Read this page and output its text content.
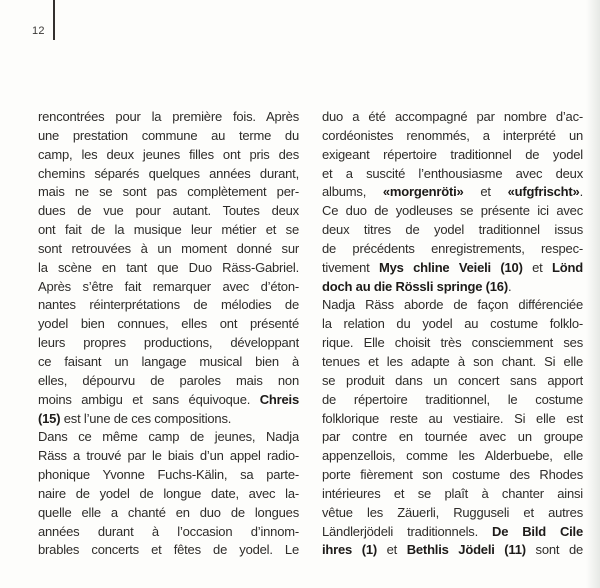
12
rencontrées pour la première fois. Après
une prestation commune au terme du
camp, les deux jeunes filles ont pris des
chemins séparés quelques années durant,
mais ne se sont pas complètement per-
dues de vue pour autant. Toutes deux
ont fait de la musique leur métier et se
sont retrouvées à un moment donné sur
la scène en tant que Duo Räss-Gabriel.
Après s’être fait remarquer avec d’éton-
nantes réinterprétations de mélodies de
yodel bien connues, elles ont présenté
leurs propres productions, développant
ce faisant un langage musical bien à
elles, dépourvu de paroles mais non
moins ambigu et sans équivoque. Chreis
(15) est l’une de ces compositions.
Dans ce même camp de jeunes, Nadja
Räss a trouvé par le biais d’un appel radio-
phonique Yvonne Fuchs-Kälin, sa parte-
naire de yodel de longue date, avec la-
quelle elle a chanté en duo de longues
années durant à l’occasion d’innom-
brables concerts et fêtes de yodel. Le
duo a été accompagné par nombre d’ac-
cordéonistes renommés, a interprété un
exigeant répertoire traditionnel de yodel
et a suscité l’enthousiasme avec deux
albums, «morgenröti» et «ufgfrischt».
Ce duo de yodleuses se présente ici avec
deux titres de yodel traditionnel issus
de précédents enregistrements, respec-
tivement Mys chline Veieli (10) et Lönd
doch au die Rössli springe (16).
Nadja Räss aborde de façon différenciée
la relation du yodel au costume folklo-
rique. Elle choisit très consciemment ses
tenues et les adapte à son chant. Si elle
se produit dans un concert sans apport
de répertoire traditionnel, le costume
folklorique reste au vestiaire. Si elle est
par contre en tournée avec un groupe
appenzellois, comme les Alderbuebe, elle
porte fièrement son costume des Rhodes
intérieures et se plaît à chanter ainsi
vêtue les Zäuerli, Rugguseli et autres
Ländlerjödeli traditionnels. De Bild Cile
ihres (1) et Bethlis Jödeli (11) sont de
